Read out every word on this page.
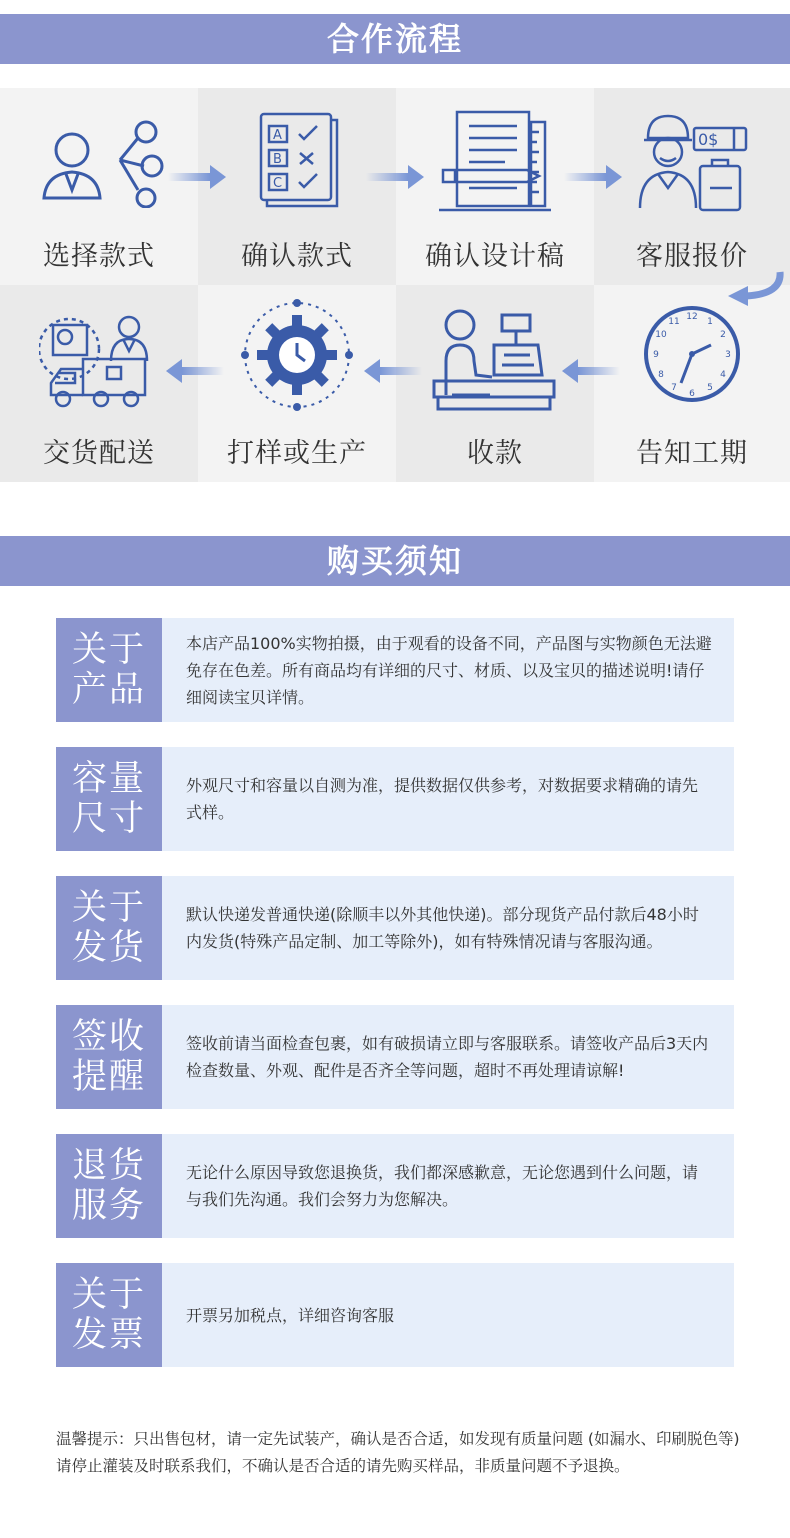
合作流程
选择款式
A
B
C
确认款式	确认设计稿
0$
客服报价
交货配送	打样或生产	收款
12 1
2
3
4
5
6
7
8
9
10
11
告知工期
购买须知
关于
产品
本店产品100%实物拍摄，由于观看的设备不同，产品图与实物颜色无法避免存在色差。所有商品均有详细的尺寸、材质、以及宝贝的描述说明!请仔细阅读宝贝详情。
容量
尺寸
外观尺寸和容量以自测为准，提供数据仅供参考，对数据要求精确的请先式样。
关于
发货
默认快递发普通快递(除顺丰以外其他快递)。部分现货产品付款后48小时内发货(特殊产品定制、加工等除外)，如有特殊情况请与客服沟通。
签收
提醒
签收前请当面检查包裹，如有破损请立即与客服联系。请签收产品后3天内检查数量、外观、配件是否齐全等问题，超时不再处理请谅解!
退货
服务
无论什么原因导致您退换货，我们都深感歉意，无论您遇到什么问题，请与我们先沟通。我们会努力为您解决。
关于
发票	开票另加税点，详细咨询客服
温馨提示：只出售包材，请一定先试装产，确认是否合适，如发现有质量问题 (如漏水、印刷脱色等)请停止灌装及时联系我们，不确认是否合适的请先购买样品，非质量问题不予退换。
